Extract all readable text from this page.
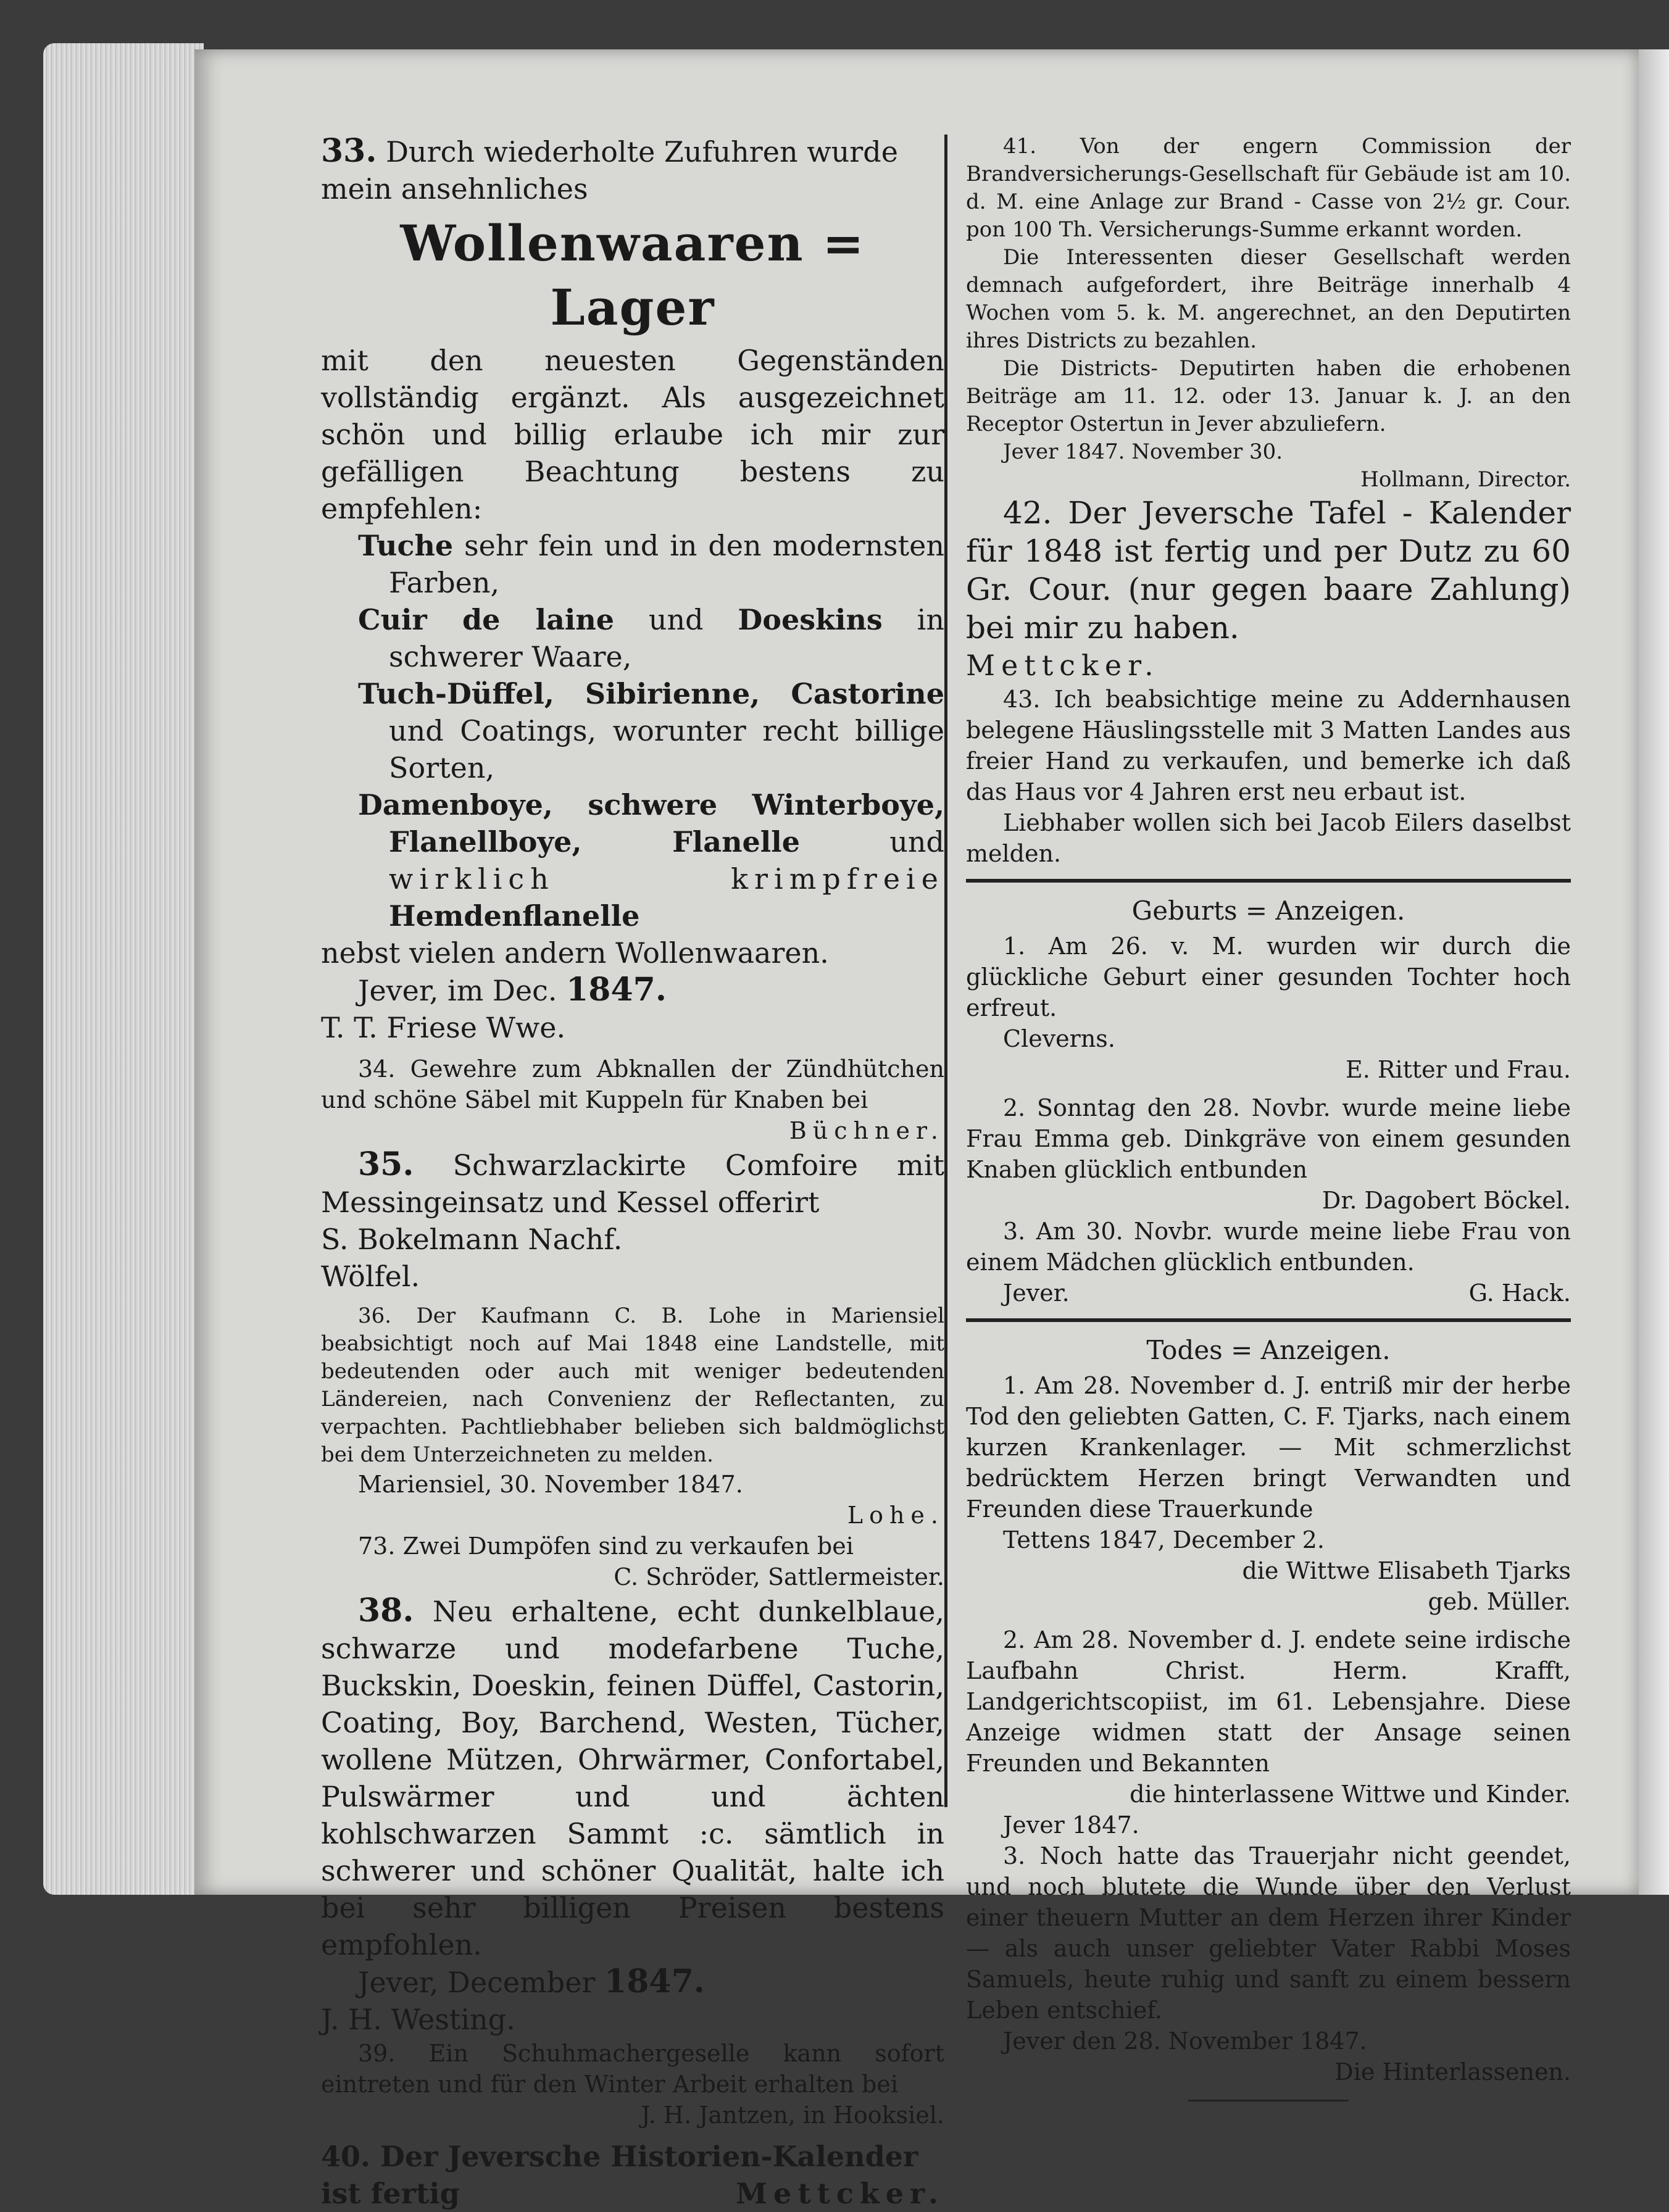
33. Durch wiederholte Zufuhren wurde

mein ansehnliches

Wollenwaaren = Lager

mit den neuesten Gegenständen vollständig ergänzt. Als ausgezeichnet schön und billig erlaube ich mir zur gefälligen Beachtung bestens zu empfehlen:

Tuche sehr fein und in den modernsten Farben,

Cuir de laine und Doeskins in schwerer Waare,

Tuch-Düffel, Sibirienne, Castorine und Coatings, worunter recht billige Sorten,

Damenboye, schwere Winterboye, Flanellboye, Flanelle	und wirklich krimpfreie Hemdenflanelle

nebst vielen andern Wollenwaaren.

Jever, im Dec. 1847.

T. T. Friese Wwe.

34. Gewehre zum Abknallen der Zündhütchen und schöne Säbel mit Kuppeln für Knaben bei

Büchner.

35. Schwarzlackirte Comfoire mit Messingeinsatz und Kessel offerirt

S. Bokelmann Nachf.

Wölfel.

36. Der Kaufmann C. B. Lohe in Mariensiel beabsichtigt noch auf Mai 1848 eine Landstelle, mit bedeutenden oder auch mit weniger bedeutenden Ländereien, nach Convenienz der Reflectanten, zu verpachten. Pachtliebhaber belieben sich baldmöglichst bei dem Unterzeichneten zu melden.

Mariensiel, 30. November 1847.

Lohe.

73. Zwei Dumpöfen sind zu verkaufen bei

C. Schröder, Sattlermeister.

38. Neu erhaltene, echt dunkelblaue, schwarze und modefarbene Tuche, Buckskin, Doeskin, feinen Düffel, Castorin, Coating, Boy, Barchend, Westen, Tücher, wollene Mützen, Ohrwärmer, Confortabel, Pulswärmer und und ächten kohlschwarzen Sammt :c. sämtlich in schwerer und schöner Qualität, halte ich bei sehr billigen Preisen bestens empfohlen.

Jever, December 1847.

J. H. Westing.

39. Ein Schuhmachergeselle kann sofort eintreten und für den Winter Arbeit erhalten bei

J. H. Jantzen, in Hooksiel.

40. Der Jeversche Historien-Kalender

ist fertig	Mettcker.

41. Von der engern Commission der Brandversicherungs-Gesellschaft für Gebäude ist am 10. d. M. eine Anlage zur Brand - Casse von 2½ gr. Cour. pon 100 Th. Versicherungs-Summe erkannt worden.

Die Interessenten dieser Gesellschaft werden demnach aufgefordert, ihre Beiträge innerhalb 4 Wochen vom 5. k. M. angerechnet, an den Deputirten ihres Districts zu bezahlen.

Die Districts- Deputirten haben die erhobenen Beiträge am 11. 12. oder 13. Januar k. J. an den Receptor Ostertun in Jever abzuliefern.

Jever 1847. November 30.

Hollmann, Director.

42. Der Jeversche Tafel - Kalender für 1848 ist fertig und per Dutz zu 60 Gr. Cour. (nur gegen baare Zahlung) bei mir zu haben.

Mettcker.

43. Ich beabsichtige meine zu Addernhausen belegene Häuslingsstelle mit 3 Matten Landes aus freier Hand zu verkaufen, und bemerke ich daß das Haus vor 4 Jahren erst neu erbaut ist.

Liebhaber wollen sich bei Jacob Eilers daselbst melden.

Geburts = Anzeigen.

1. Am 26. v. M. wurden wir durch die glückliche Geburt einer gesunden Tochter hoch erfreut.

Cleverns.

E. Ritter und Frau.

2. Sonntag den 28. Novbr. wurde meine liebe Frau Emma geb. Dinkgräve von einem gesunden Knaben glücklich entbunden

Dr. Dagobert Böckel.

3. Am 30. Novbr. wurde meine liebe Frau von einem Mädchen glücklich entbunden.

Jever.	G. Hack.

Todes = Anzeigen.

1. Am 28. November d. J. entriß mir der herbe Tod den geliebten Gatten, C. F. Tjarks, nach einem kurzen Krankenlager. — Mit schmerzlichst bedrücktem Herzen bringt Verwandten und Freunden diese Trauerkunde

Tettens 1847, December 2.

die Wittwe Elisabeth Tjarks

geb. Müller.

2. Am 28. November d. J. endete seine irdische Laufbahn Christ. Herm. Krafft, Landgerichtscopiist, im 61. Lebensjahre. Diese Anzeige widmen statt der Ansage seinen Freunden und Bekannten

die hinterlassene Wittwe und Kinder.

Jever 1847.

3. Noch hatte das Trauerjahr nicht geendet, und noch blutete die Wunde über den Verlust einer theuern Mutter an dem Herzen ihrer Kinder — als auch unser geliebter Vater Rabbi Moses Samuels, heute ruhig und sanft zu einem bessern Leben entschief.

Jever den 28. November 1847.

Die Hinterlassenen.
